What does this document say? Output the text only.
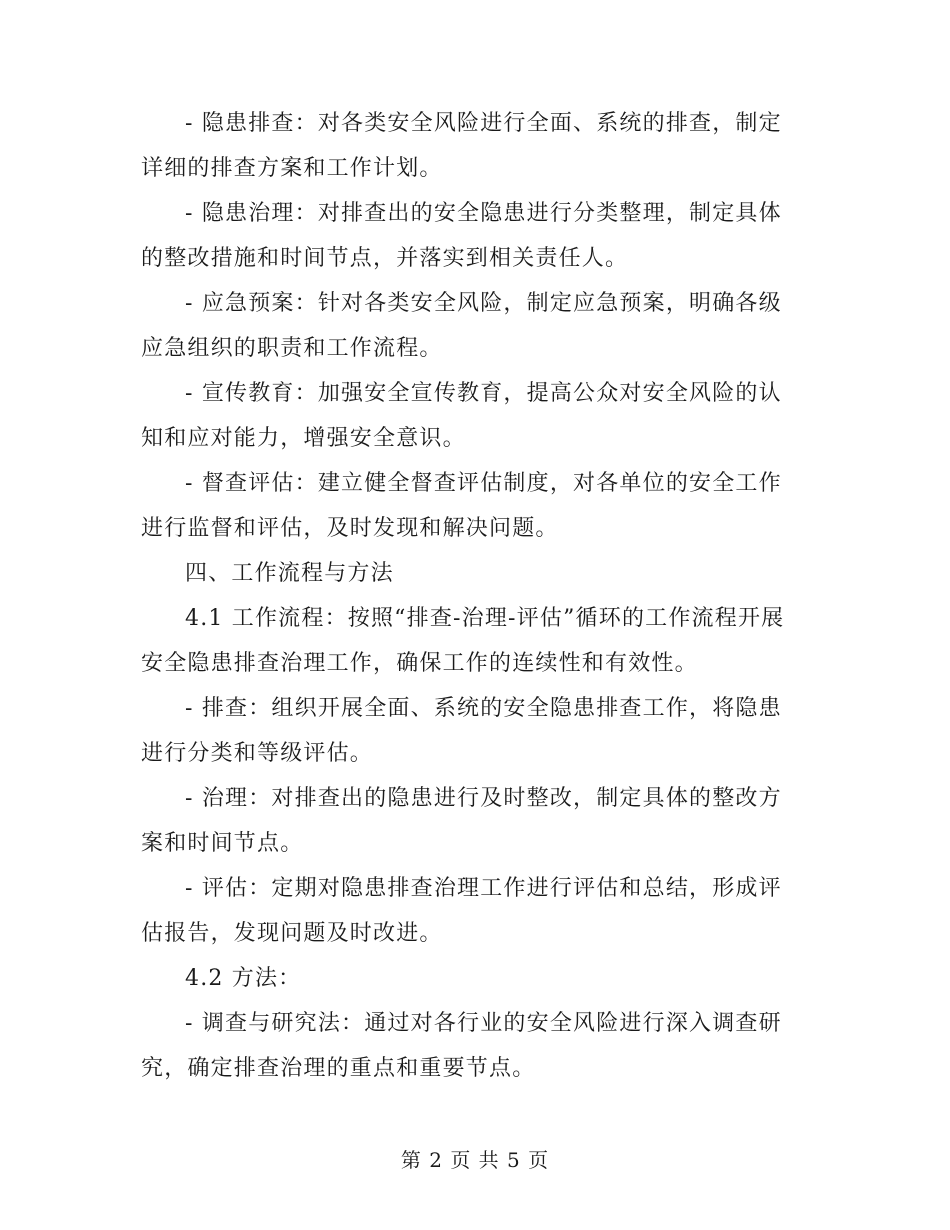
- 隐患排查：对各类安全风险进行全面、系统的排查，制定详细的排查方案和工作计划。

- 隐患治理：对排查出的安全隐患进行分类整理，制定具体的整改措施和时间节点，并落实到相关责任人。

- 应急预案：针对各类安全风险，制定应急预案，明确各级应急组织的职责和工作流程。

- 宣传教育：加强安全宣传教育，提高公众对安全风险的认知和应对能力，增强安全意识。

- 督查评估：建立健全督查评估制度，对各单位的安全工作进行监督和评估，及时发现和解决问题。

四、工作流程与方法

4.1 工作流程：按照“排查-治理-评估”循环的工作流程开展安全隐患排查治理工作，确保工作的连续性和有效性。

- 排查：组织开展全面、系统的安全隐患排查工作，将隐患进行分类和等级评估。

- 治理：对排查出的隐患进行及时整改，制定具体的整改方案和时间节点。

- 评估：定期对隐患排查治理工作进行评估和总结，形成评估报告，发现问题及时改进。

4.2 方法：

- 调查与研究法：通过对各行业的安全风险进行深入调查研究，确定排查治理的重点和重要节点。

第 2 页 共 5 页
